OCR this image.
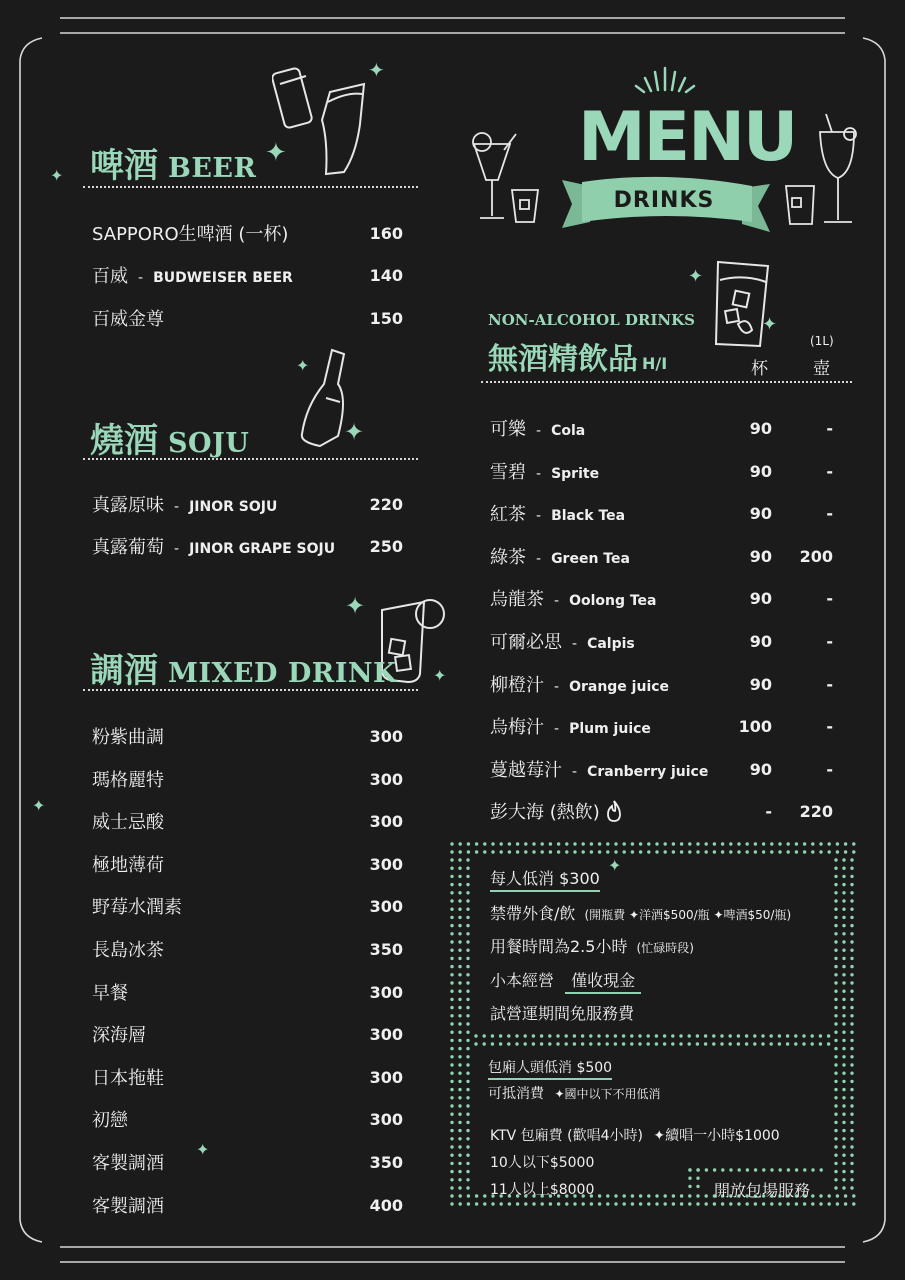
✦
✦
✦ 啤酒 BEER
SAPPORO生啤酒 (一杯)	160
百威 - BUDWEISER BEER	140
百威金尊	150
✦
✦
燒酒 SOJU
真露原味 - JINOR SOJU	220
真露葡萄 - JINOR GRAPE SOJU	250
✦
✦
✦
✦
調酒 MIXED DRINK
粉紫曲調	300
瑪格麗特	300
威士忌酸	300
極地薄荷	300
野莓水潤素	300
長島冰茶	350
早餐	300
深海層	300
日本拖鞋	300
初戀	300
客製調酒	350
客製調酒	400
MENU
DRINKS
✦
✦
NON-ALCOHOL DRINKS
無酒精飲品 H/I	杯
(1L)
壺
可樂 - Cola	90	-
雪碧 - Sprite	90	-
紅茶 - Black Tea	90	-
綠茶 - Green Tea	90	200
烏龍茶 - Oolong Tea	90	-
可爾必思 - Calpis	90	-
柳橙汁 - Orange juice	90	-
烏梅汁 - Plum juice	100	-
蔓越莓汁 - Cranberry juice	90	-
彭大海 (熱飲)	-	220
每人低消 $300
✦
禁帶外食/飲 (開瓶費 ✦洋酒$500/瓶 ✦啤酒$50/瓶)
用餐時間為2.5小時 (忙碌時段)
小本經營 僅收現金
試營運期間免服務費
包廂人頭低消 $500
可抵消費 ✦國中以下不用低消
KTV 包廂費 (歡唱4小時) ✦續唱一小時$1000
10人以下$5000
11人以上$8000	開放包場服務
